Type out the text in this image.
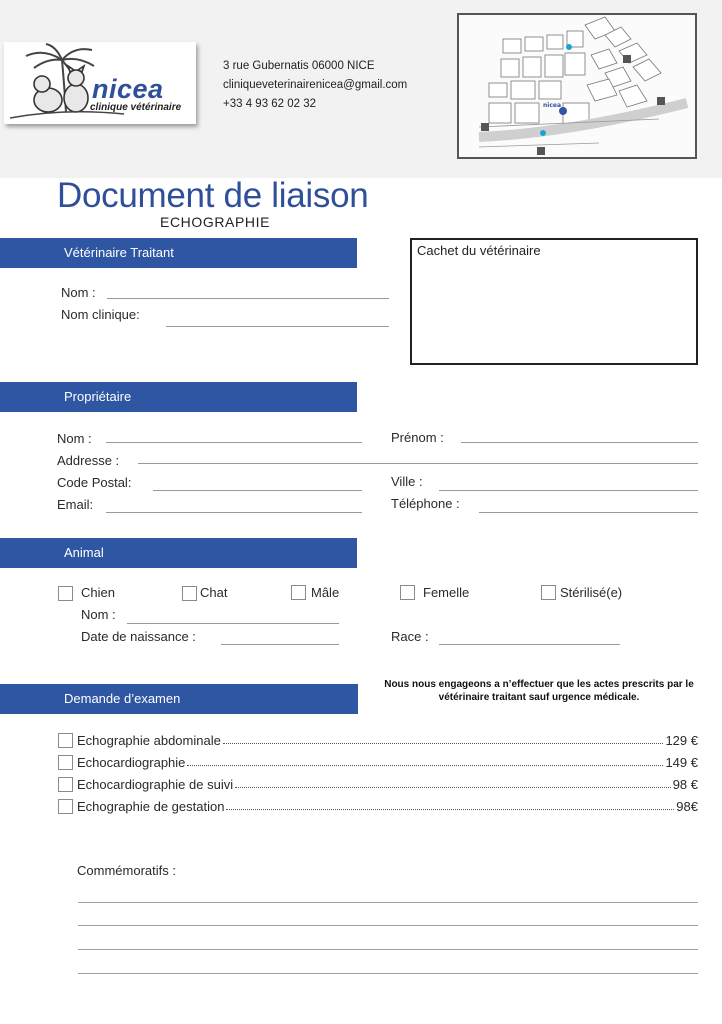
nicea
clinique vétérinaire
3 rue Gubernatis 06000 NICE
cliniqueveterinairenicea@gmail.com
+33 4 93 62 02 32	nicea
Document de liaison
ECHOGRAPHIE
Vétérinaire Traitant
Nom :
Nom clinique:
Cachet du vétérinaire
Propriétaire
Nom :	Prénom :
Addresse :
Code Postal:	Ville :
Email:	Téléphone :
Animal
Chien	Chat	Mâle	Femelle	Stérilisé(e)
Nom :
Date de naissance :	Race :
Demande d’examen
Nous nous engageons a n’effectuer que les actes prescrits par le vétérinaire traitant sauf urgence médicale.
Echographie abdominale	129 €
Echocardiographie	149 €
Echocardiographie de suivi	98 €
Echographie de gestation	98€
Commémoratifs :
